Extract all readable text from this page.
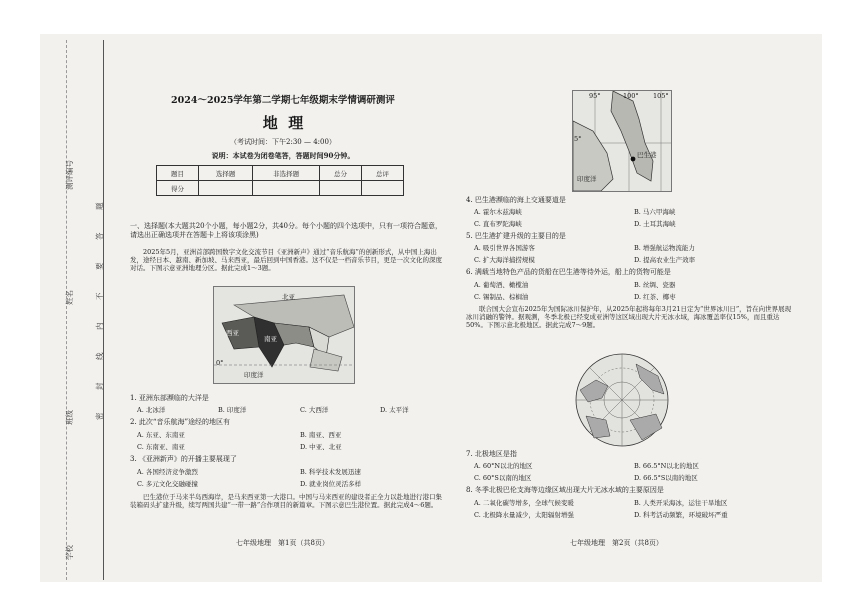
测评编号
姓名
班级
学校
题
答
要
不
内
线
封
密
2024～2025学年第二学期七年级期末学情调研测评
地  理
（考试时间：下午2:30 — 4:00）
说明：本试卷为闭卷笔答，答题时间90分钟。
题目	选择题	非选择题	总分	总评
得分				
一、选择题(本大题共20个小题，每小题2分，共40分。每个小题的四个选项中，只有一项符合题意，请选出正确选项并在答题卡上将该项涂黑)
2025年5月，亚洲首部跨国数字文化交流节目《亚洲新声》通过“音乐航海”的创新形式，从中国上海出发，途经日本、越南、新加坡、马来西亚，最后回到中国香港。这不仅是一档音乐节目，更是一次文化的深度对话。下图示意亚洲地理分区。据此完成1～3题。
北亚
西亚
南亚
印度洋
0°
1. 亚洲东部濒临的大洋是
A. 北冰洋	B. 印度洋	C. 大西洋	D. 太平洋
2. 此次“音乐航海”途经的地区有
A. 东亚、东南亚	B. 南亚、西亚
C. 东南亚、南亚	D. 中亚、北亚
3. 《亚洲新声》的开播主要展现了
A. 各国经济竞争激烈	B. 科学技术发展迅速
C. 多元文化交融碰撞	D. 就业岗位灵活多样
巴生港位于马来半岛西海岸，是马来西亚第一大港口。中国与马来西亚的建设者正全力以赴地进行港口集装箱码头扩建升级，续写两国共建“一带一路”合作项目的新篇章。下图示意巴生港位置。据此完成4～6题。
七年级地理　第1页（共8页）
95°	100° 105°
5°
巴生港
印度洋
4. 巴生港濒临的海上交通要道是
A. 霍尔木兹海峡	B. 马六甲海峡
C. 直布罗陀海峡	D. 土耳其海峡
5. 巴生港扩建升级的主要目的是
A. 吸引世界各国游客	B. 增强航运物流能力
C. 扩大海洋捕捞规模	D. 提高农业生产效率
6. 满载当地特色产品的货船在巴生港等待外运，船上的货物可能是
A. 葡萄酒、橄榄油	B. 丝绸、瓷器
C. 锡制品、棕榈油	D. 红茶、椰枣
联合国大会宣布2025年为国际冰川保护年，从2025年起将每年3月21日定为“世界冰川日”，旨在向世界展现冰川消融的警钟。据观测，冬季北极已经变成亚洲等这区域出现大片无冰水域，海冰覆盖率仅15%，而且重达50%。下图示意北极地区。据此完成7～9题。
7. 北极地区是指
A. 60°N以北的地区	B. 66.5°N以北的地区
C. 60°S以南的地区	D. 66.5°S以南的地区
8. 冬季北极巴伦支海等边缘区域出现大片无冰水域的主要原因是
A. 二氧化碳等增多，全球气候变暖	B. 人类开采海冰，运往干旱地区
C. 北极降水量减少，太阳辐射增强	D. 科考活动频繁，环境破坏严重
七年级地理　第2页（共8页）
